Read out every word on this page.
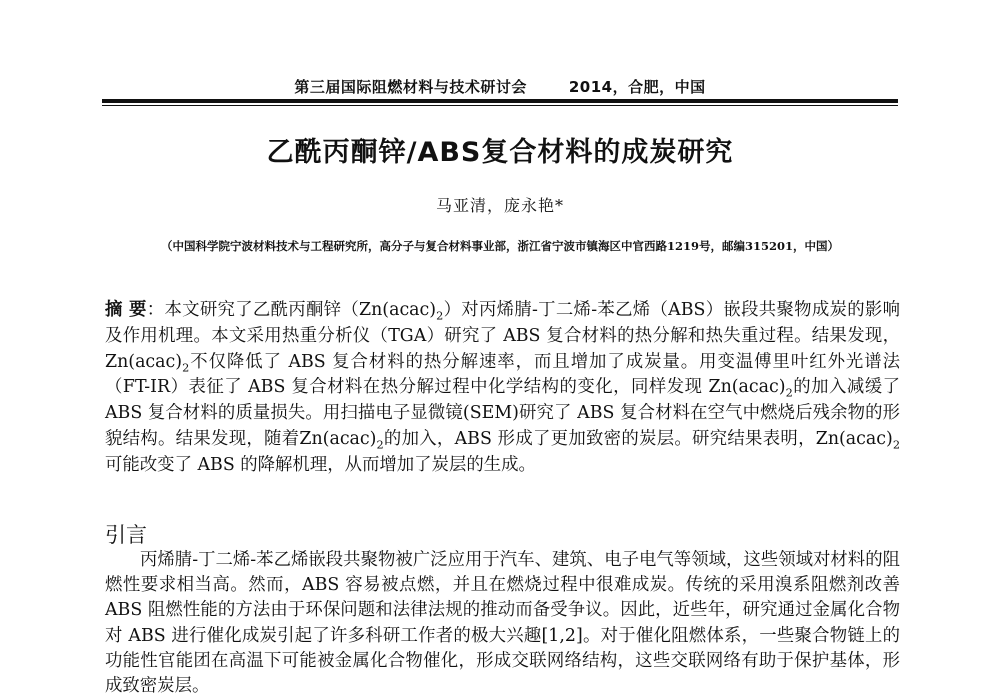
第三届国际阻燃材料与技术研讨会	2014，合肥，中国
乙酰丙酮锌/ABS复合材料的成炭研究
马亚清，庞永艳*
（中国科学院宁波材料技术与工程研究所，高分子与复合材料事业部，浙江省宁波市镇海区中官西路1219号，邮编315201，中国）
摘 要：本文研究了乙酰丙酮锌$(Zn(acac)_2)$对丙烯腈-丁二烯-苯乙烯（ABS）嵌段共聚物成炭的影响及作用机理。本文采用热重分析仪（TGA）研究了 ABS 复合材料的热分解和热失重过程。结果发现，$Zn(acac)_2$不仅降低了 ABS 复合材料的热分解速率，而且增加了成炭量。用变温傅里叶红外光谱法（FT-IR）表征了 ABS 复合材料在热分解过程中化学结构的变化，同样发现 $Zn(acac)_2$的加入减缓了 ABS 复合材料的质量损失。用扫描电子显微镜(SEM)研究了 ABS 复合材料在空气中燃烧后残余物的形貌结构。结果发现，随着$Zn(acac)_2$的加入，ABS 形成了更加致密的炭层。研究结果表明，$Zn(acac)_2$可能改变了 ABS 的降解机理，从而增加了炭层的生成。
引言
丙烯腈-丁二烯-苯乙烯嵌段共聚物被广泛应用于汽车、建筑、电子电气等领域，这些领域对材料的阻燃性要求相当高。然而，ABS 容易被点燃，并且在燃烧过程中很难成炭。传统的采用溴系阻燃剂改善 ABS 阻燃性能的方法由于环保问题和法律法规的推动而备受争议。因此，近些年，研究通过金属化合物对 ABS 进行催化成炭引起了许多科研工作者的极大兴趣[1,2]。对于催化阻燃体系，一些聚合物链上的功能性官能团在高温下可能被金属化合物催化，形成交联网络结构，这些交联网络有助于保护基体，形成致密炭层。
